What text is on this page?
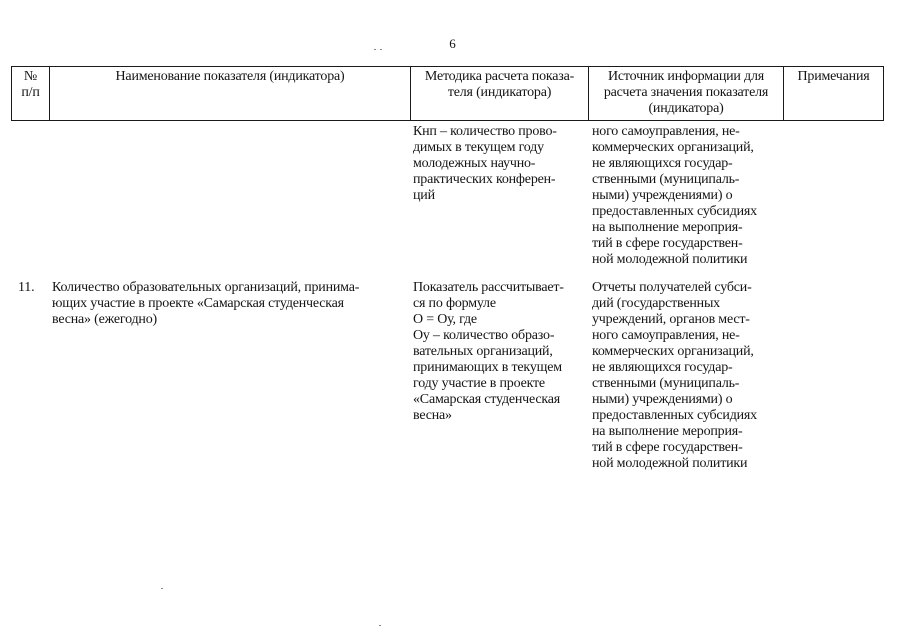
6
№
п/п
Наименование показателя (индикатора)	Методика расчета показа-
теля (индикатора)
Источник информации для
расчета значения показателя
(индикатора)
Примечания
Кнп – количество прово-
димых в текущем году
молодежных научно-
практических конферен-
ций
ного самоуправления, не-
коммерческих организаций,
не являющихся государ-
ственными (муниципаль-
ными) учреждениями) о
предоставленных субсидиях
на выполнение мероприя-
тий в сфере государствен-
ной молодежной политики
11.	Количество образовательных организаций, принима-
ющих участие в проекте «Самарская студенческая
весна» (ежегодно)
Показатель рассчитывает-
ся по формуле
О = Оу, где
Оу – количество образо-
вательных организаций,
принимающих в текущем
году участие в проекте
«Самарская студенческая
весна»
Отчеты получателей субси-
дий (государственных
учреждений, органов мест-
ного самоуправления, не-
коммерческих организаций,
не являющихся государ-
ственными (муниципаль-
ными) учреждениями) о
предоставленных субсидиях
на выполнение мероприя-
тий в сфере государствен-
ной молодежной политики
